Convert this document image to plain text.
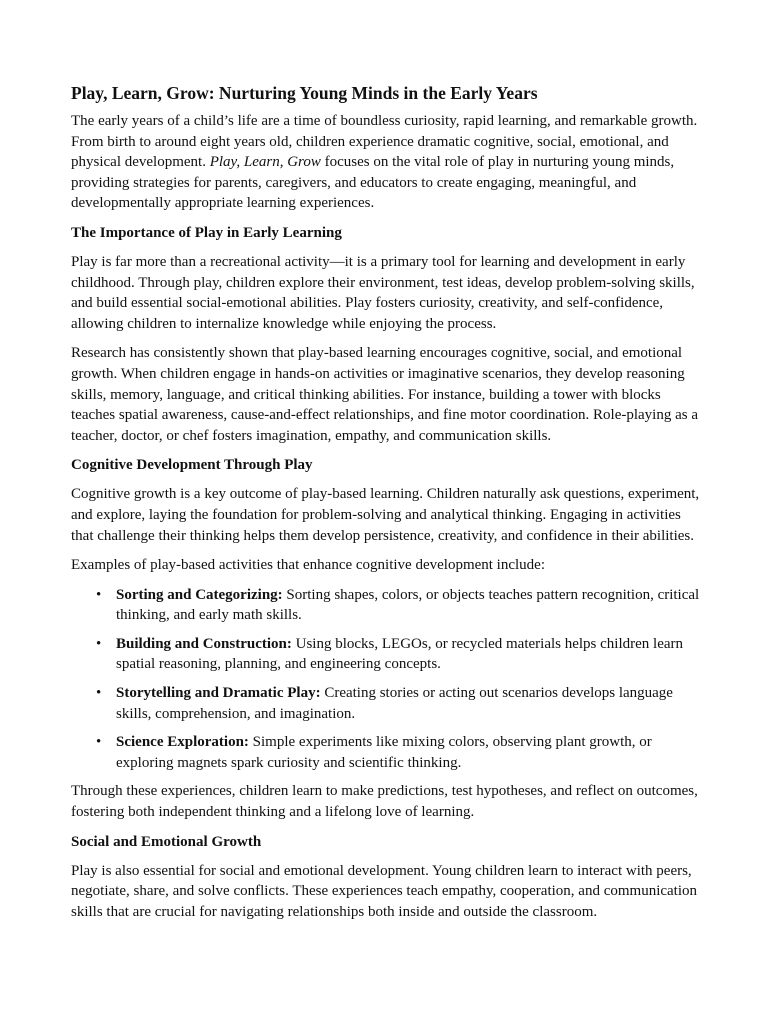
Play, Learn, Grow: Nurturing Young Minds in the Early Years

The early years of a child’s life are a time of boundless curiosity, rapid learning, and remarkable growth. From birth to around eight years old, children experience dramatic cognitive, social, emotional, and physical development. Play, Learn, Grow focuses on the vital role of play in nurturing young minds, providing strategies for parents, caregivers, and educators to create engaging, meaningful, and developmentally appropriate learning experiences.

The Importance of Play in Early Learning

Play is far more than a recreational activity—it is a primary tool for learning and development in early childhood. Through play, children explore their environment, test ideas, develop problem-solving skills, and build essential social-emotional abilities. Play fosters curiosity, creativity, and self-confidence, allowing children to internalize knowledge while enjoying the process.

Research has consistently shown that play-based learning encourages cognitive, social, and emotional growth. When children engage in hands-on activities or imaginative scenarios, they develop reasoning skills, memory, language, and critical thinking abilities. For instance, building a tower with blocks teaches spatial awareness, cause-and-effect relationships, and fine motor coordination. Role-playing as a teacher, doctor, or chef fosters imagination, empathy, and communication skills.

Cognitive Development Through Play

Cognitive growth is a key outcome of play-based learning. Children naturally ask questions, experiment, and explore, laying the foundation for problem-solving and analytical thinking. Engaging in activities that challenge their thinking helps them develop persistence, creativity, and confidence in their abilities.

Examples of play-based activities that enhance cognitive development include:

• Sorting and Categorizing: Sorting shapes, colors, or objects teaches pattern recognition, critical thinking, and early math skills.
• Building and Construction: Using blocks, LEGOs, or recycled materials helps children learn spatial reasoning, planning, and engineering concepts.
• Storytelling and Dramatic Play: Creating stories or acting out scenarios develops language skills, comprehension, and imagination.
• Science Exploration: Simple experiments like mixing colors, observing plant growth, or exploring magnets spark curiosity and scientific thinking.

Through these experiences, children learn to make predictions, test hypotheses, and reflect on outcomes, fostering both independent thinking and a lifelong love of learning.

Social and Emotional Growth

Play is also essential for social and emotional development. Young children learn to interact with peers, negotiate, share, and solve conflicts. These experiences teach empathy, cooperation, and communication skills that are crucial for navigating relationships both inside and outside the classroom.
